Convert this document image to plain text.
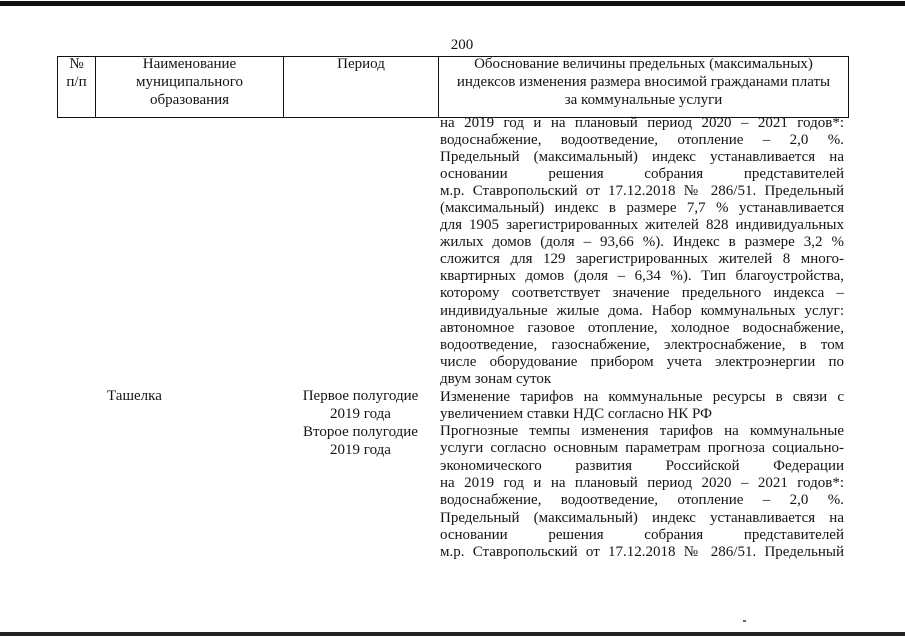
200
№
п/п
Наименование
муниципального
образования
Период	Обоснование величины предельных (максимальных)
индексов изменения размера вносимой гражданами платы
за коммунальные услуги
на 2019 год и на плановый период 2020 – 2021 годов*:
водоснабжение, водоотведение, отопление – 2,0 %.
Предельный (максимальный) индекс устанавливается на
основании решения собрания представителей
м.р. Ставропольский от 17.12.2018 № 286/51. Предельный
(максимальный) индекс в размере 7,7 % устанавливается
для 1905 зарегистрированных жителей 828 индивидуальных
жилых домов (доля – 93,66 %). Индекс в размере 3,2 %
сложится для 129 зарегистрированных жителей 8 много-
квартирных домов (доля – 6,34 %). Тип благоустройства,
которому соответствует значение предельного индекса –
индивидуальные жилые дома. Набор коммунальных услуг:
автономное газовое отопление, холодное водоснабжение,
водоотведение, газоснабжение, электроснабжение, в том
числе оборудование прибором учета электроэнергии по
двум зонам суток
Ташелка	Первое полугодие
2019 года
Второе полугодие
2019 года
Изменение тарифов на коммунальные ресурсы в связи с
увеличением ставки НДС согласно НК РФ
Прогнозные темпы изменения тарифов на коммунальные
услуги согласно основным параметрам прогноза социально-
экономического развития Российской Федерации
на 2019 год и на плановый период 2020 – 2021 годов*:
водоснабжение, водоотведение, отопление – 2,0 %.
Предельный (максимальный) индекс устанавливается на
основании решения собрания представителей
м.р. Ставропольский от 17.12.2018 № 286/51. Предельный
